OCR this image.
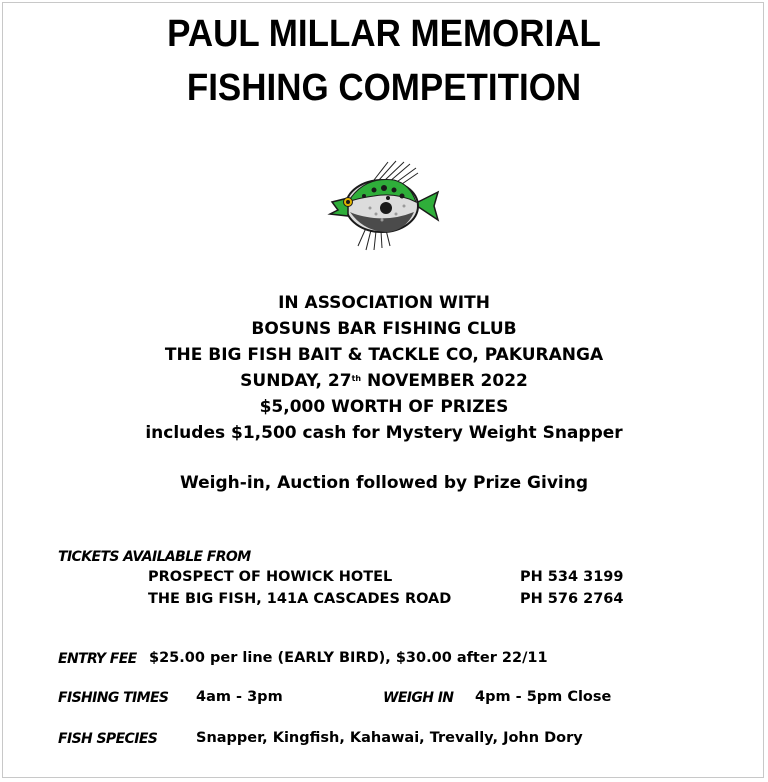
PAUL MILLAR MEMORIAL
FISHING COMPETITION
IN ASSOCIATION WITH
BOSUNS BAR FISHING CLUB
THE BIG FISH BAIT & TACKLE CO, PAKURANGA
SUNDAY, 27th NOVEMBER 2022
$5,000 WORTH OF PRIZES
includes $1,500 cash for Mystery Weight Snapper
Weigh-in, Auction followed by Prize Giving
TICKETS AVAILABLE FROM
PROSPECT OF HOWICK HOTEL	PH 534 3199
THE BIG FISH, 141A CASCADES ROAD	PH 576 2764
ENTRY FEE $25.00 per line (EARLY BIRD), $30.00 after 22/11
FISHING TIMES 4am - 3pm	WEIGH IN 4pm - 5pm Close
FISH SPECIES	Snapper, Kingfish, Kahawai, Trevally, John Dory
